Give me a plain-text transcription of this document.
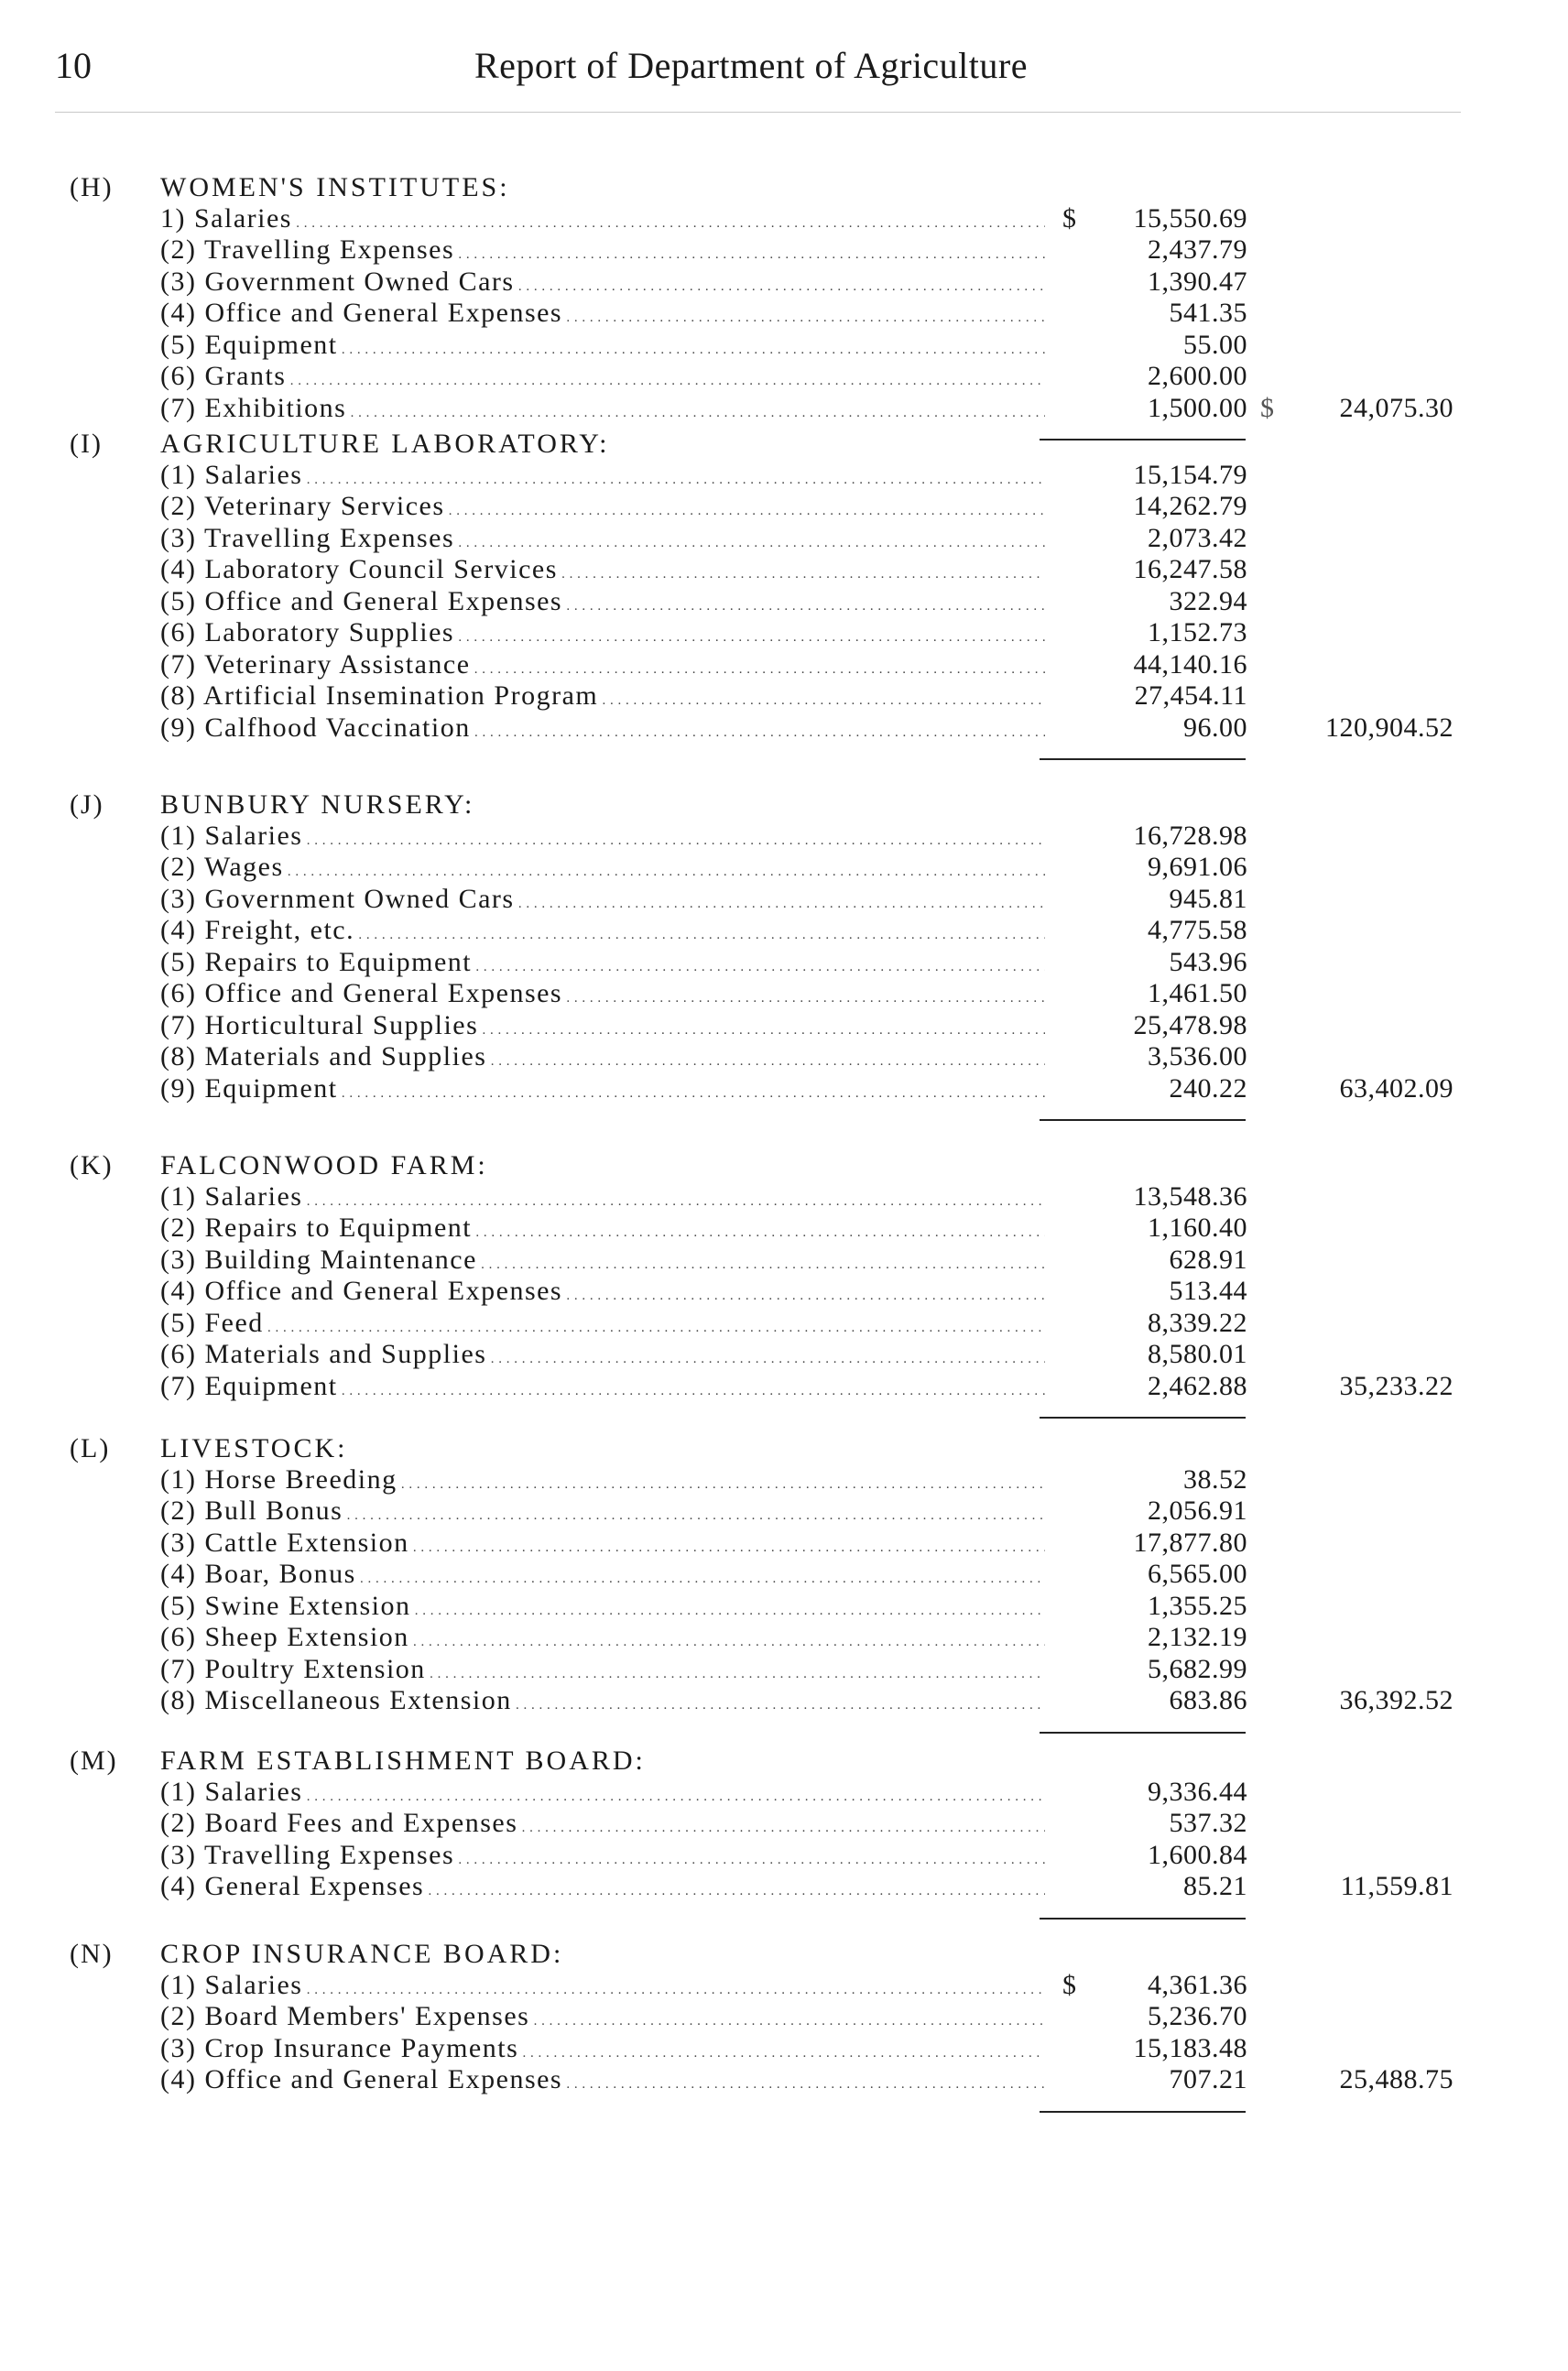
10	Report of Department of Agriculture
(H) WOMEN'S INSTITUTES:
1) Salaries . . .	$ 15,550.69
(2) Travelling Expenses . . .	2,437.79
(3) Government Owned Cars . . .	1,390.47
(4) Office and General Expenses . . .	541.35
(5) Equipment . . .	55.00
(6) Grants . . .	2,600.00
(7) Exhibitions . . .	1,500.00 $ 24,075.30
(I) AGRICULTURE LABORATORY:
(1) Salaries . . .	15,154.79
(2) Veterinary Services . . .	14,262.79
(3) Travelling Expenses . . .	2,073.42
(4) Laboratory Council Services . . .	16,247.58
(5) Office and General Expenses . . .	322.94
(6) Laboratory Supplies . . .	1,152.73
(7) Veterinary Assistance . . .	44,140.16
(8) Artificial Insemination Program . . .	27,454.11
(9) Calfhood Vaccination . . .	96.00	120,904.52
(J) BUNBURY NURSERY:
(1) Salaries . . .	16,728.98
(2) Wages . . .	9,691.06
(3) Government Owned Cars . . .	945.81
(4) Freight, etc. . . .	4,775.58
(5) Repairs to Equipment . . .	543.96
(6) Office and General Expenses . . .	1,461.50
(7) Horticultural Supplies . . .	25,478.98
(8) Materials and Supplies . . .	3,536.00
(9) Equipment . . .	240.22	63,402.09
(K) FALCONWOOD FARM:
(1) Salaries . . .	13,548.36
(2) Repairs to Equipment . . .	1,160.40
(3) Building Maintenance . . .	628.91
(4) Office and General Expenses . . .	513.44
(5) Feed . . .	8,339.22
(6) Materials and Supplies . . .	8,580.01
(7) Equipment . . .	2,462.88	35,233.22
(L) LIVESTOCK:
(1) Horse Breeding . . .	38.52
(2) Bull Bonus . . .	2,056.91
(3) Cattle Extension . . .	17,877.80
(4) Boar, Bonus . . .	6,565.00
(5) Swine Extension . . .	1,355.25
(6) Sheep Extension . . .	2,132.19
(7) Poultry Extension . . .	5,682.99
(8) Miscellaneous Extension . . .	683.86	36,392.52
(M) FARM ESTABLISHMENT BOARD:
(1) Salaries . . .	9,336.44
(2) Board Fees and Expenses . . .	537.32
(3) Travelling Expenses . . .	1,600.84
(4) General Expenses . . .	85.21	11,559.81
(N) CROP INSURANCE BOARD:
(1) Salaries . . .	$	4,361.36
(2) Board Members' Expenses . . .	5,236.70
(3) Crop Insurance Payments . . .	15,183.48
(4) Office and General Expenses . . .	707.21	25,488.75
